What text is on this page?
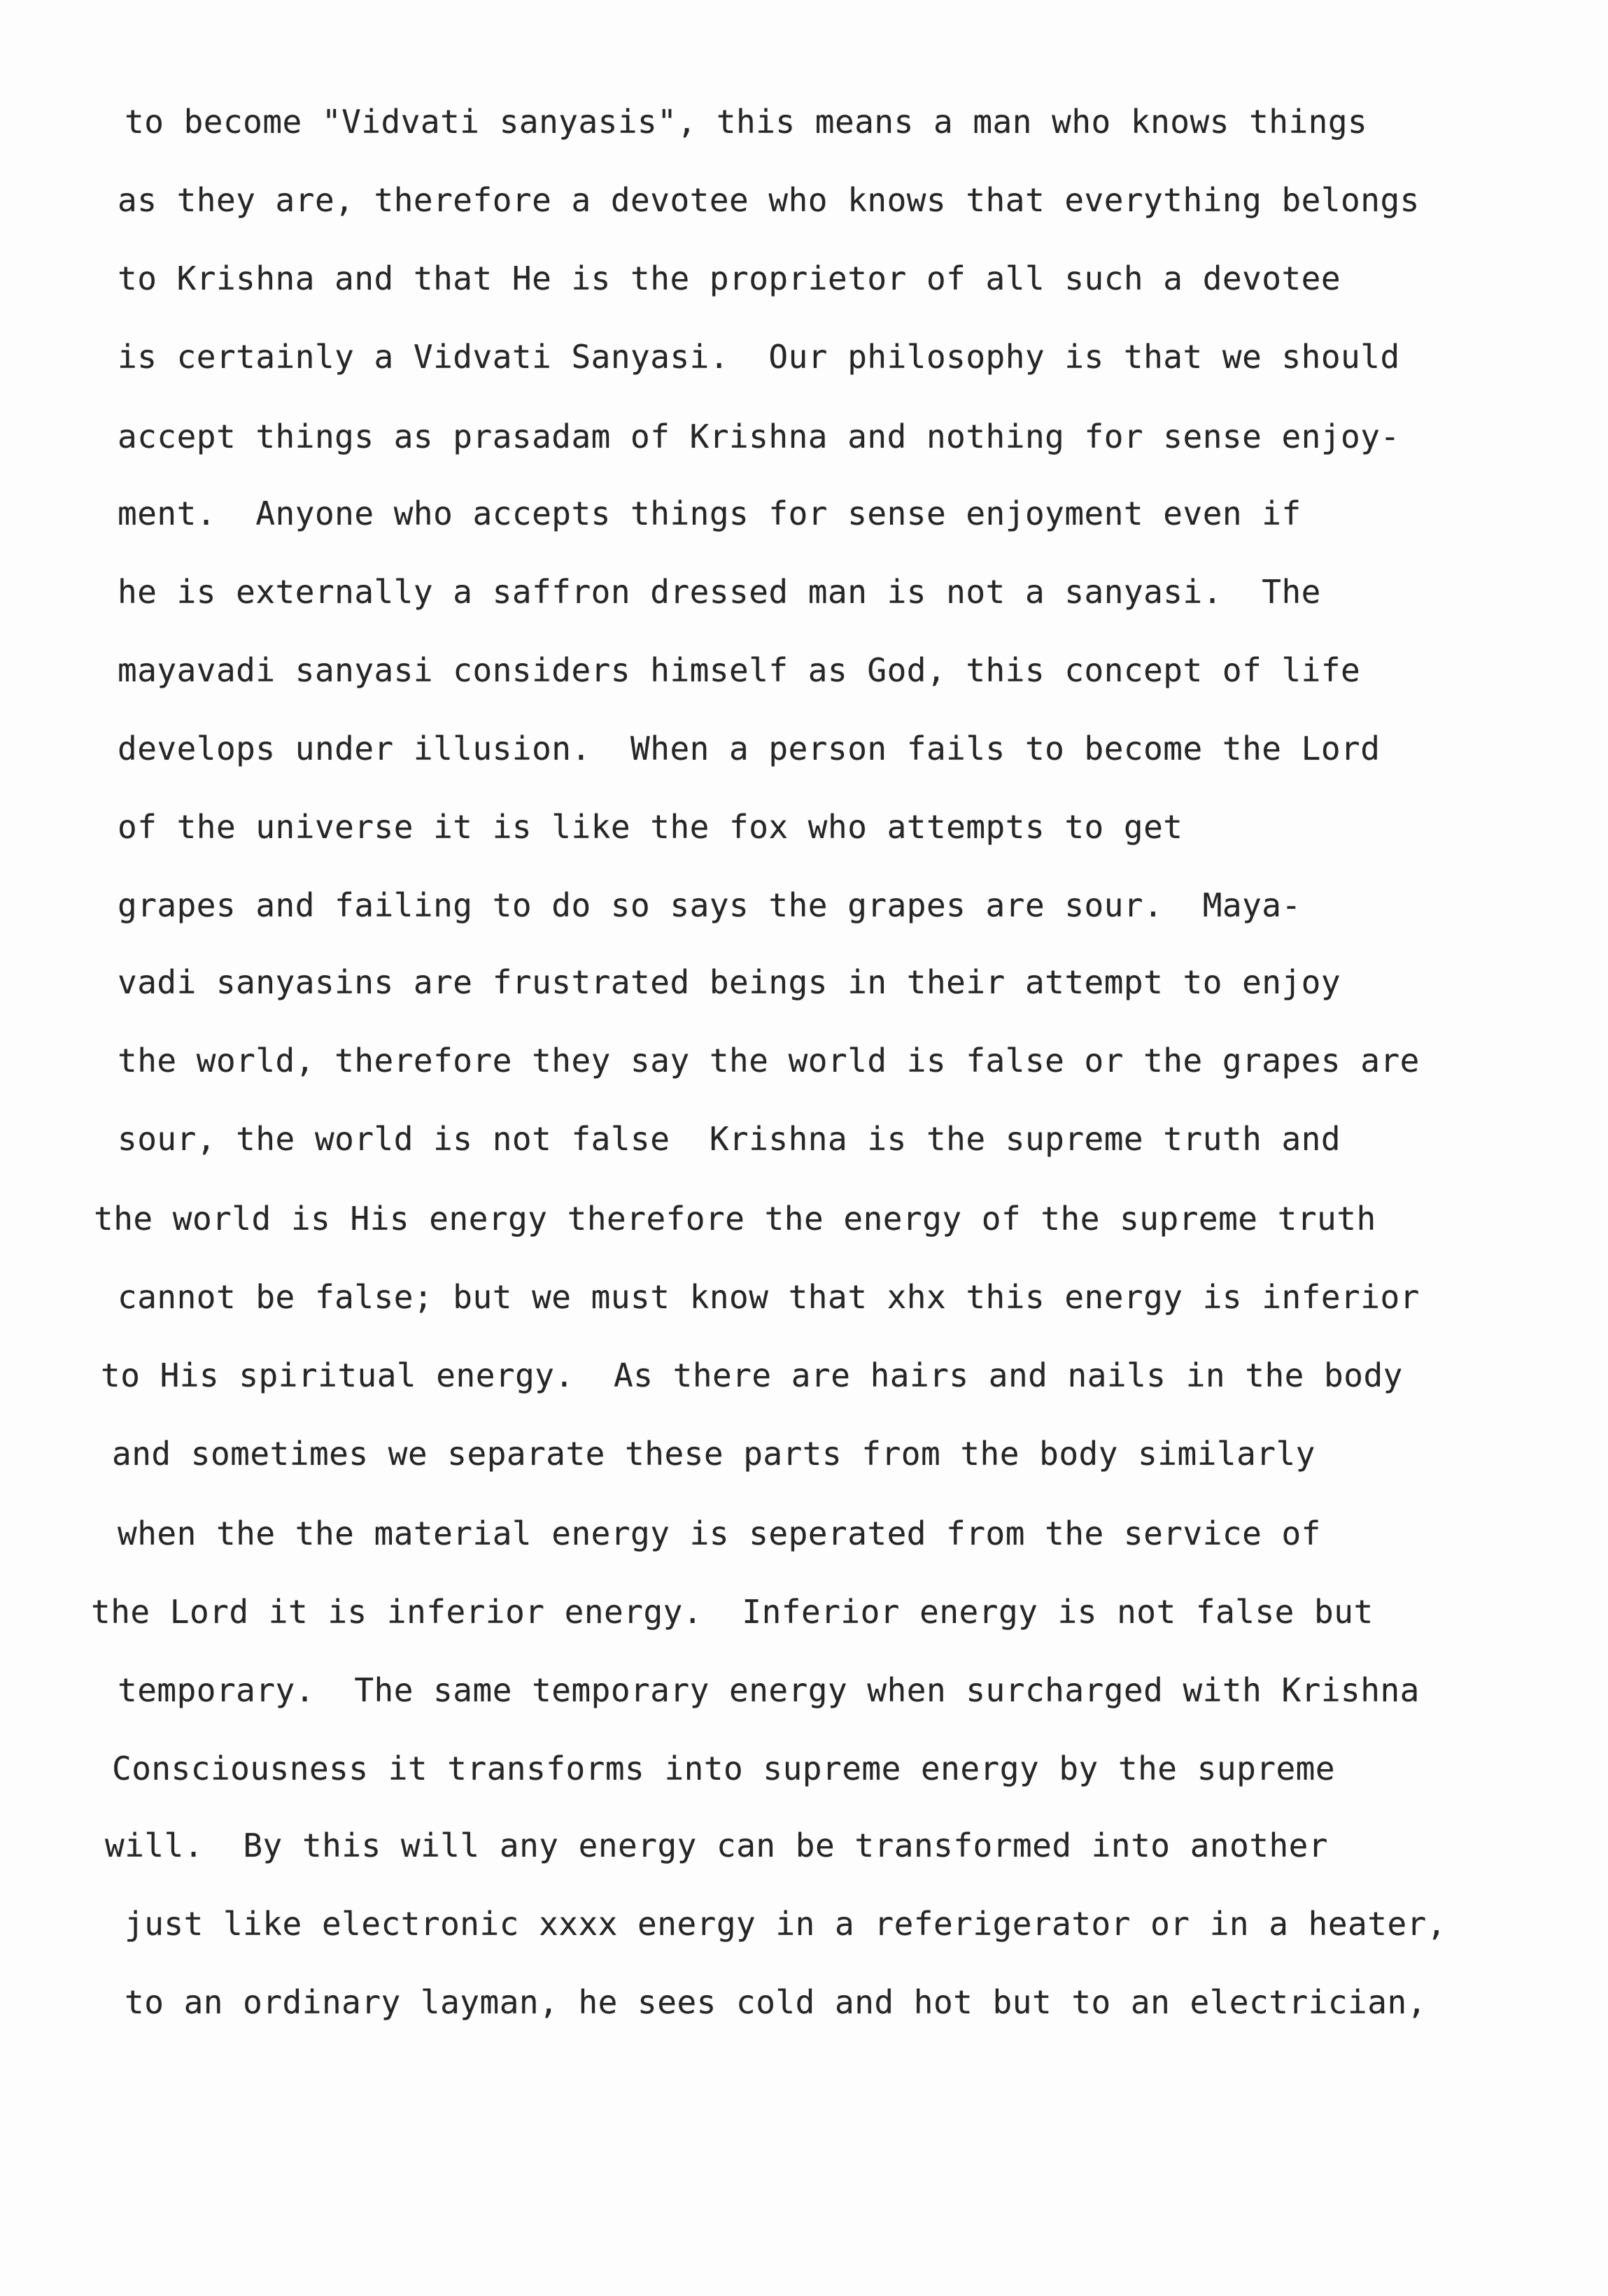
to become "Vidvati sanyasis", this means a man who knows things
as they are, therefore a devotee who knows that everything belongs
to Krishna and that He is the proprietor of all such a devotee
is certainly a Vidvati Sanyasi.  Our philosophy is that we should
accept things as prasadam of Krishna and nothing for sense enjoy-
ment.  Anyone who accepts things for sense enjoyment even if
he is externally a saffron dressed man is not a sanyasi.  The
mayavadi sanyasi considers himself as God, this concept of life
develops under illusion.  When a person fails to become the Lord
of the universe it is like the fox who attempts to get
grapes and failing to do so says the grapes are sour.  Maya-
vadi sanyasins are frustrated beings in their attempt to enjoy
the world, therefore they say the world is false or the grapes are
sour, the world is not false  Krishna is the supreme truth and
the world is His energy therefore the energy of the supreme truth
cannot be false; but we must know that xhx this energy is inferior
to His spiritual energy.  As there are hairs and nails in the body
and sometimes we separate these parts from the body similarly
when the the material energy is seperated from the service of
the Lord it is inferior energy.  Inferior energy is not false but
temporary.  The same temporary energy when surcharged with Krishna
Consciousness it transforms into supreme energy by the supreme
will.  By this will any energy can be transformed into another
just like electronic xxxx energy in a referigerator or in a heater,
to an ordinary layman, he sees cold and hot but to an electrician,
